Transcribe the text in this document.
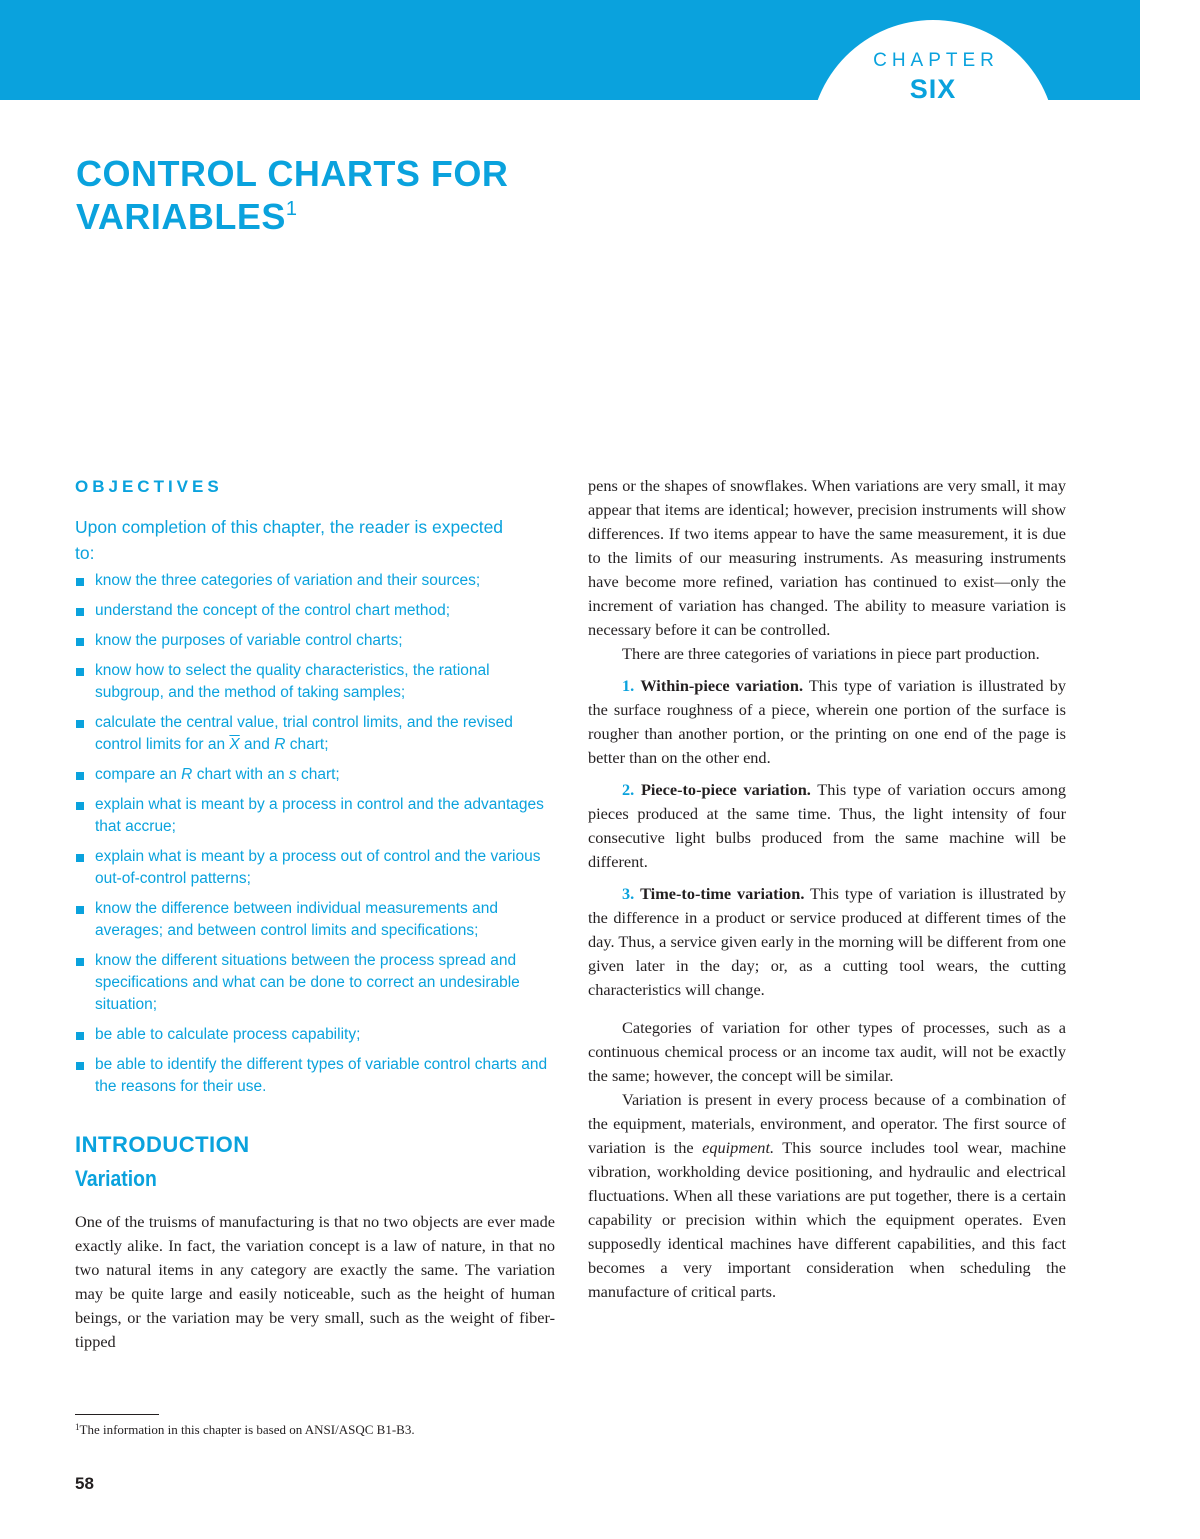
CHAPTER
SIX
CONTROL CHARTS FOR
VARIABLES$^1$
OBJECTIVES
Upon completion of this chapter, the reader is expected to:
know the three categories of variation and their sources;
understand the concept of the control chart method;
know the purposes of variable control charts;
know how to select the quality characteristics, the rational subgroup, and the method of taking samples;
calculate the central value, trial control limits, and the revised control limits for an $\overline{X}$ and R chart;
compare an R chart with an s chart;
explain what is meant by a process in control and the advantages that accrue;
explain what is meant by a process out of control and the various out-of-control patterns;
know the difference between individual measurements and averages; and between control limits and specifications;
know the different situations between the process spread and specifications and what can be done to correct an undesirable situation;
be able to calculate process capability;
be able to identify the different types of variable control charts and the reasons for their use.
INTRODUCTION
Variation

One of the truisms of manufacturing is that no two objects are ever made exactly alike. In fact, the variation concept is a law of nature, in that no two natural items in any category are exactly the same. The variation may be quite large and easily noticeable, such as the height of human beings, or the variation may be very small, such as the weight of fiber-tipped

pens or the shapes of snowflakes. When variations are very small, it may appear that items are identical; however, precision instruments will show differences. If two items appear to have the same measurement, it is due to the limits of our measuring instruments. As measuring instruments have become more refined, variation has continued to exist—only the increment of variation has changed. The ability to measure variation is necessary before it can be controlled.

There are three categories of variations in piece part production.

1. Within-piece variation. This type of variation is illustrated by the surface roughness of a piece, wherein one portion of the surface is rougher than another portion, or the printing on one end of the page is better than on the other end.

2. Piece-to-piece variation. This type of variation occurs among pieces produced at the same time. Thus, the light intensity of four consecutive light bulbs produced from the same machine will be different.

3. Time-to-time variation. This type of variation is illustrated by the difference in a product or service produced at different times of the day. Thus, a service given early in the morning will be different from one given later in the day; or, as a cutting tool wears, the cutting characteristics will change.

Categories of variation for other types of processes, such as a continuous chemical process or an income tax audit, will not be exactly the same; however, the concept will be similar.

Variation is present in every process because of a combination of the equipment, materials, environment, and operator. The first source of variation is the equipment. This source includes tool wear, machine vibration, workholding device positioning, and hydraulic and electrical fluctuations. When all these variations are put together, there is a certain capability or precision within which the equipment operates. Even supposedly identical machines have different capabilities, and this fact becomes a very important consideration when scheduling the manufacture of critical parts.

$^1$The information in this chapter is based on ANSI/ASQC B1-B3.
58
